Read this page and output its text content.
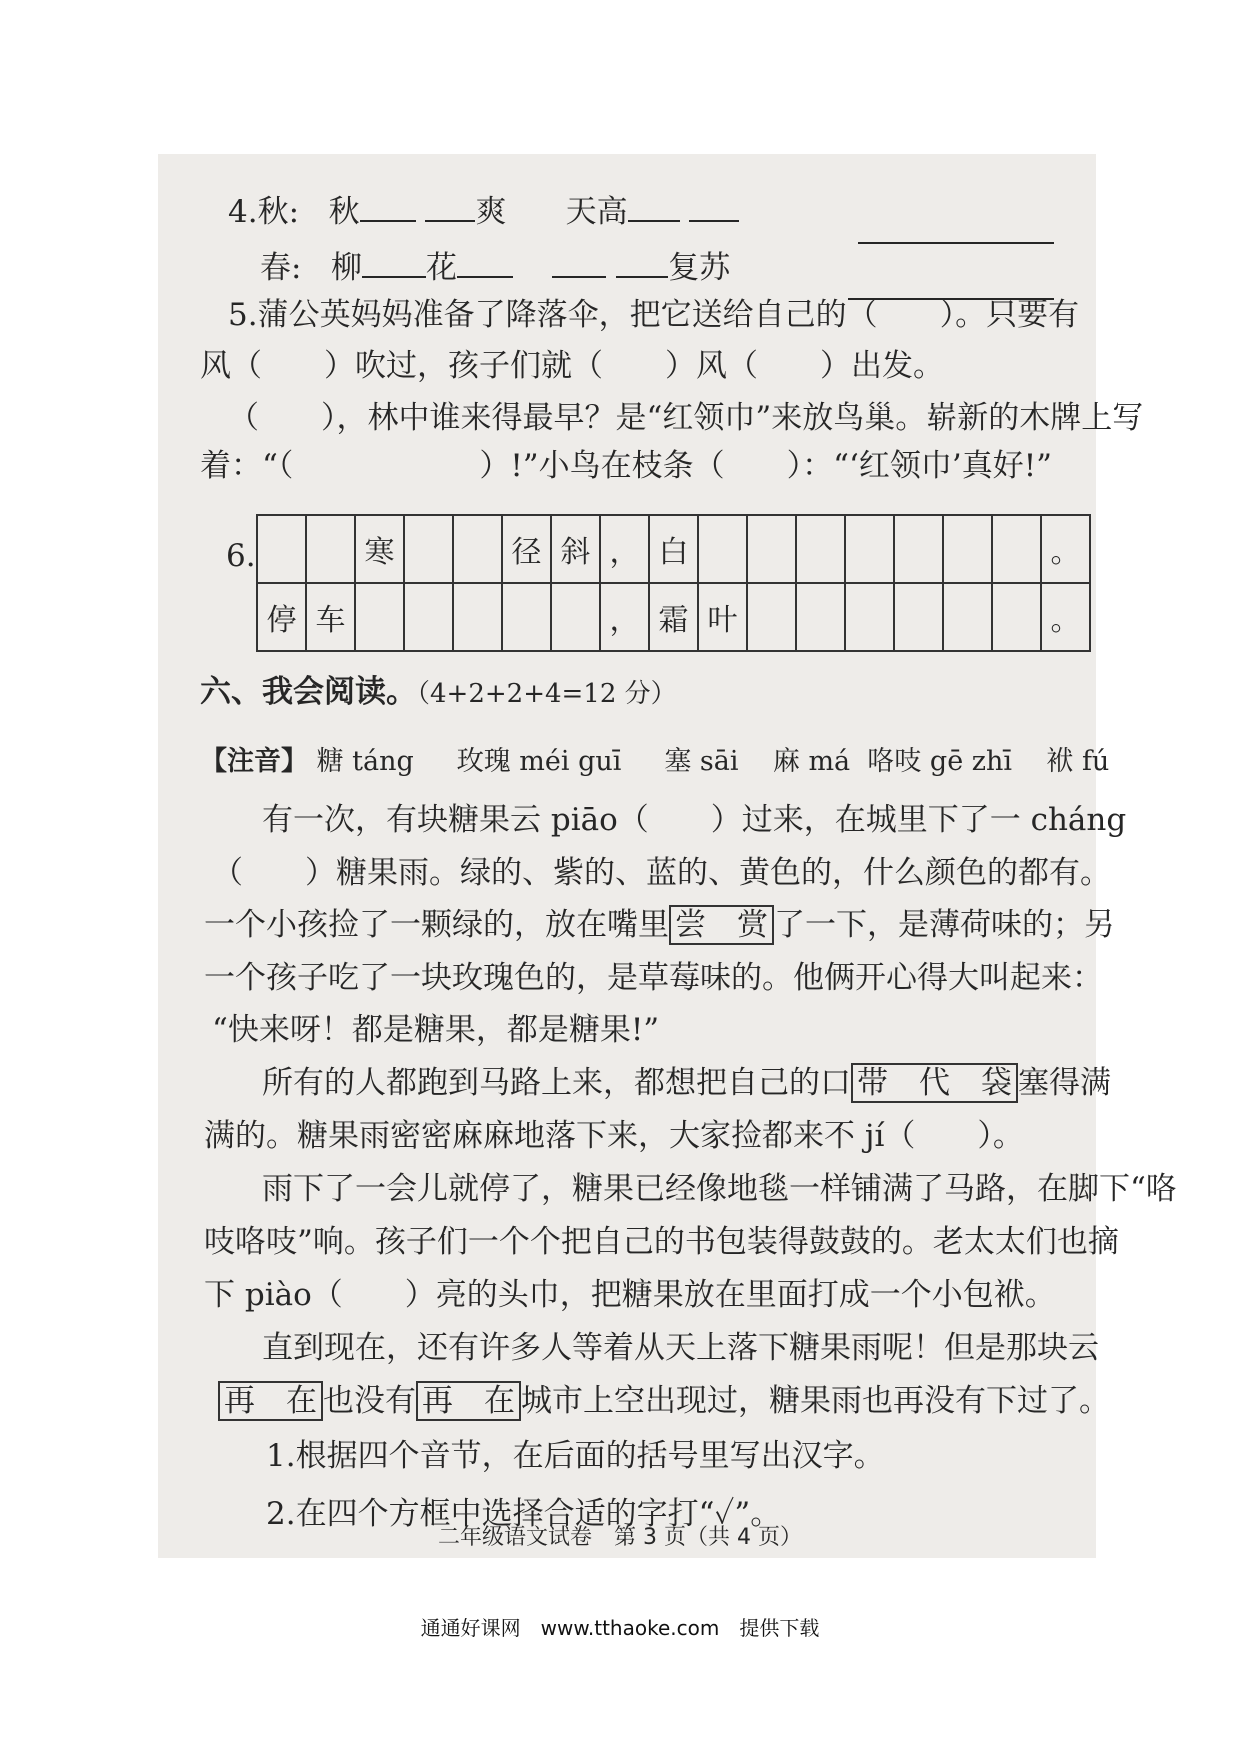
4.秋: 秋	爽 天高
春: 柳 花	复苏
5.蒲公英妈妈准备了降落伞，把它送给自己的（　　）。只要有
风（　　）吹过，孩子们就（　　）风（　　）出发。
（　　），林中谁来得最早？是“红领巾”来放鸟巢。崭新的木牌上写
着：“（　　　　　　）!”小鸟在枝条（　　）：“‘红领巾’真好!”
6.
			寒			径	斜	，	白								。
停	车						，	霜	叶							。
六、我会阅读。（4+2+2+4=12 分）
【注音】 糖 táng 玫瑰 méi guī 塞 sāi 麻 má 咯吱 gē zhī 袱 fú
有一次，有块糖果云 piāo（　　）过来，在城里下了一 cháng
（　　）糖果雨。绿的、紫的、蓝的、黄色的，什么颜色的都有。
一个小孩捡了一颗绿的，放在嘴里 尝　赏 了一下，是薄荷味的；另
一个孩子吃了一块玫瑰色的，是草莓味的。他俩开心得大叫起来：
“快来呀！都是糖果，都是糖果!”
所有的人都跑到马路上来，都想把自己的口 带　代　袋 塞得满
满的。糖果雨密密麻麻地落下来，大家捡都来不 jí（　　）。
雨下了一会儿就停了，糖果已经像地毯一样铺满了马路，在脚下“咯
吱咯吱”响。孩子们一个个把自己的书包装得鼓鼓的。老太太们也摘
下 piào（　　）亮的头巾，把糖果放在里面打成一个小包袱。
直到现在，还有许多人等着从天上落下糖果雨呢！但是那块云
再　在 也没有 再　在 城市上空出现过，糖果雨也再没有下过了。
1.根据四个音节，在后面的括号里写出汉字。
2.在四个方框中选择合适的字打“✓”。
二年级语文试卷　第 3 页（共 4 页）
通通好课网　www.tthaoke.com　提供下载
